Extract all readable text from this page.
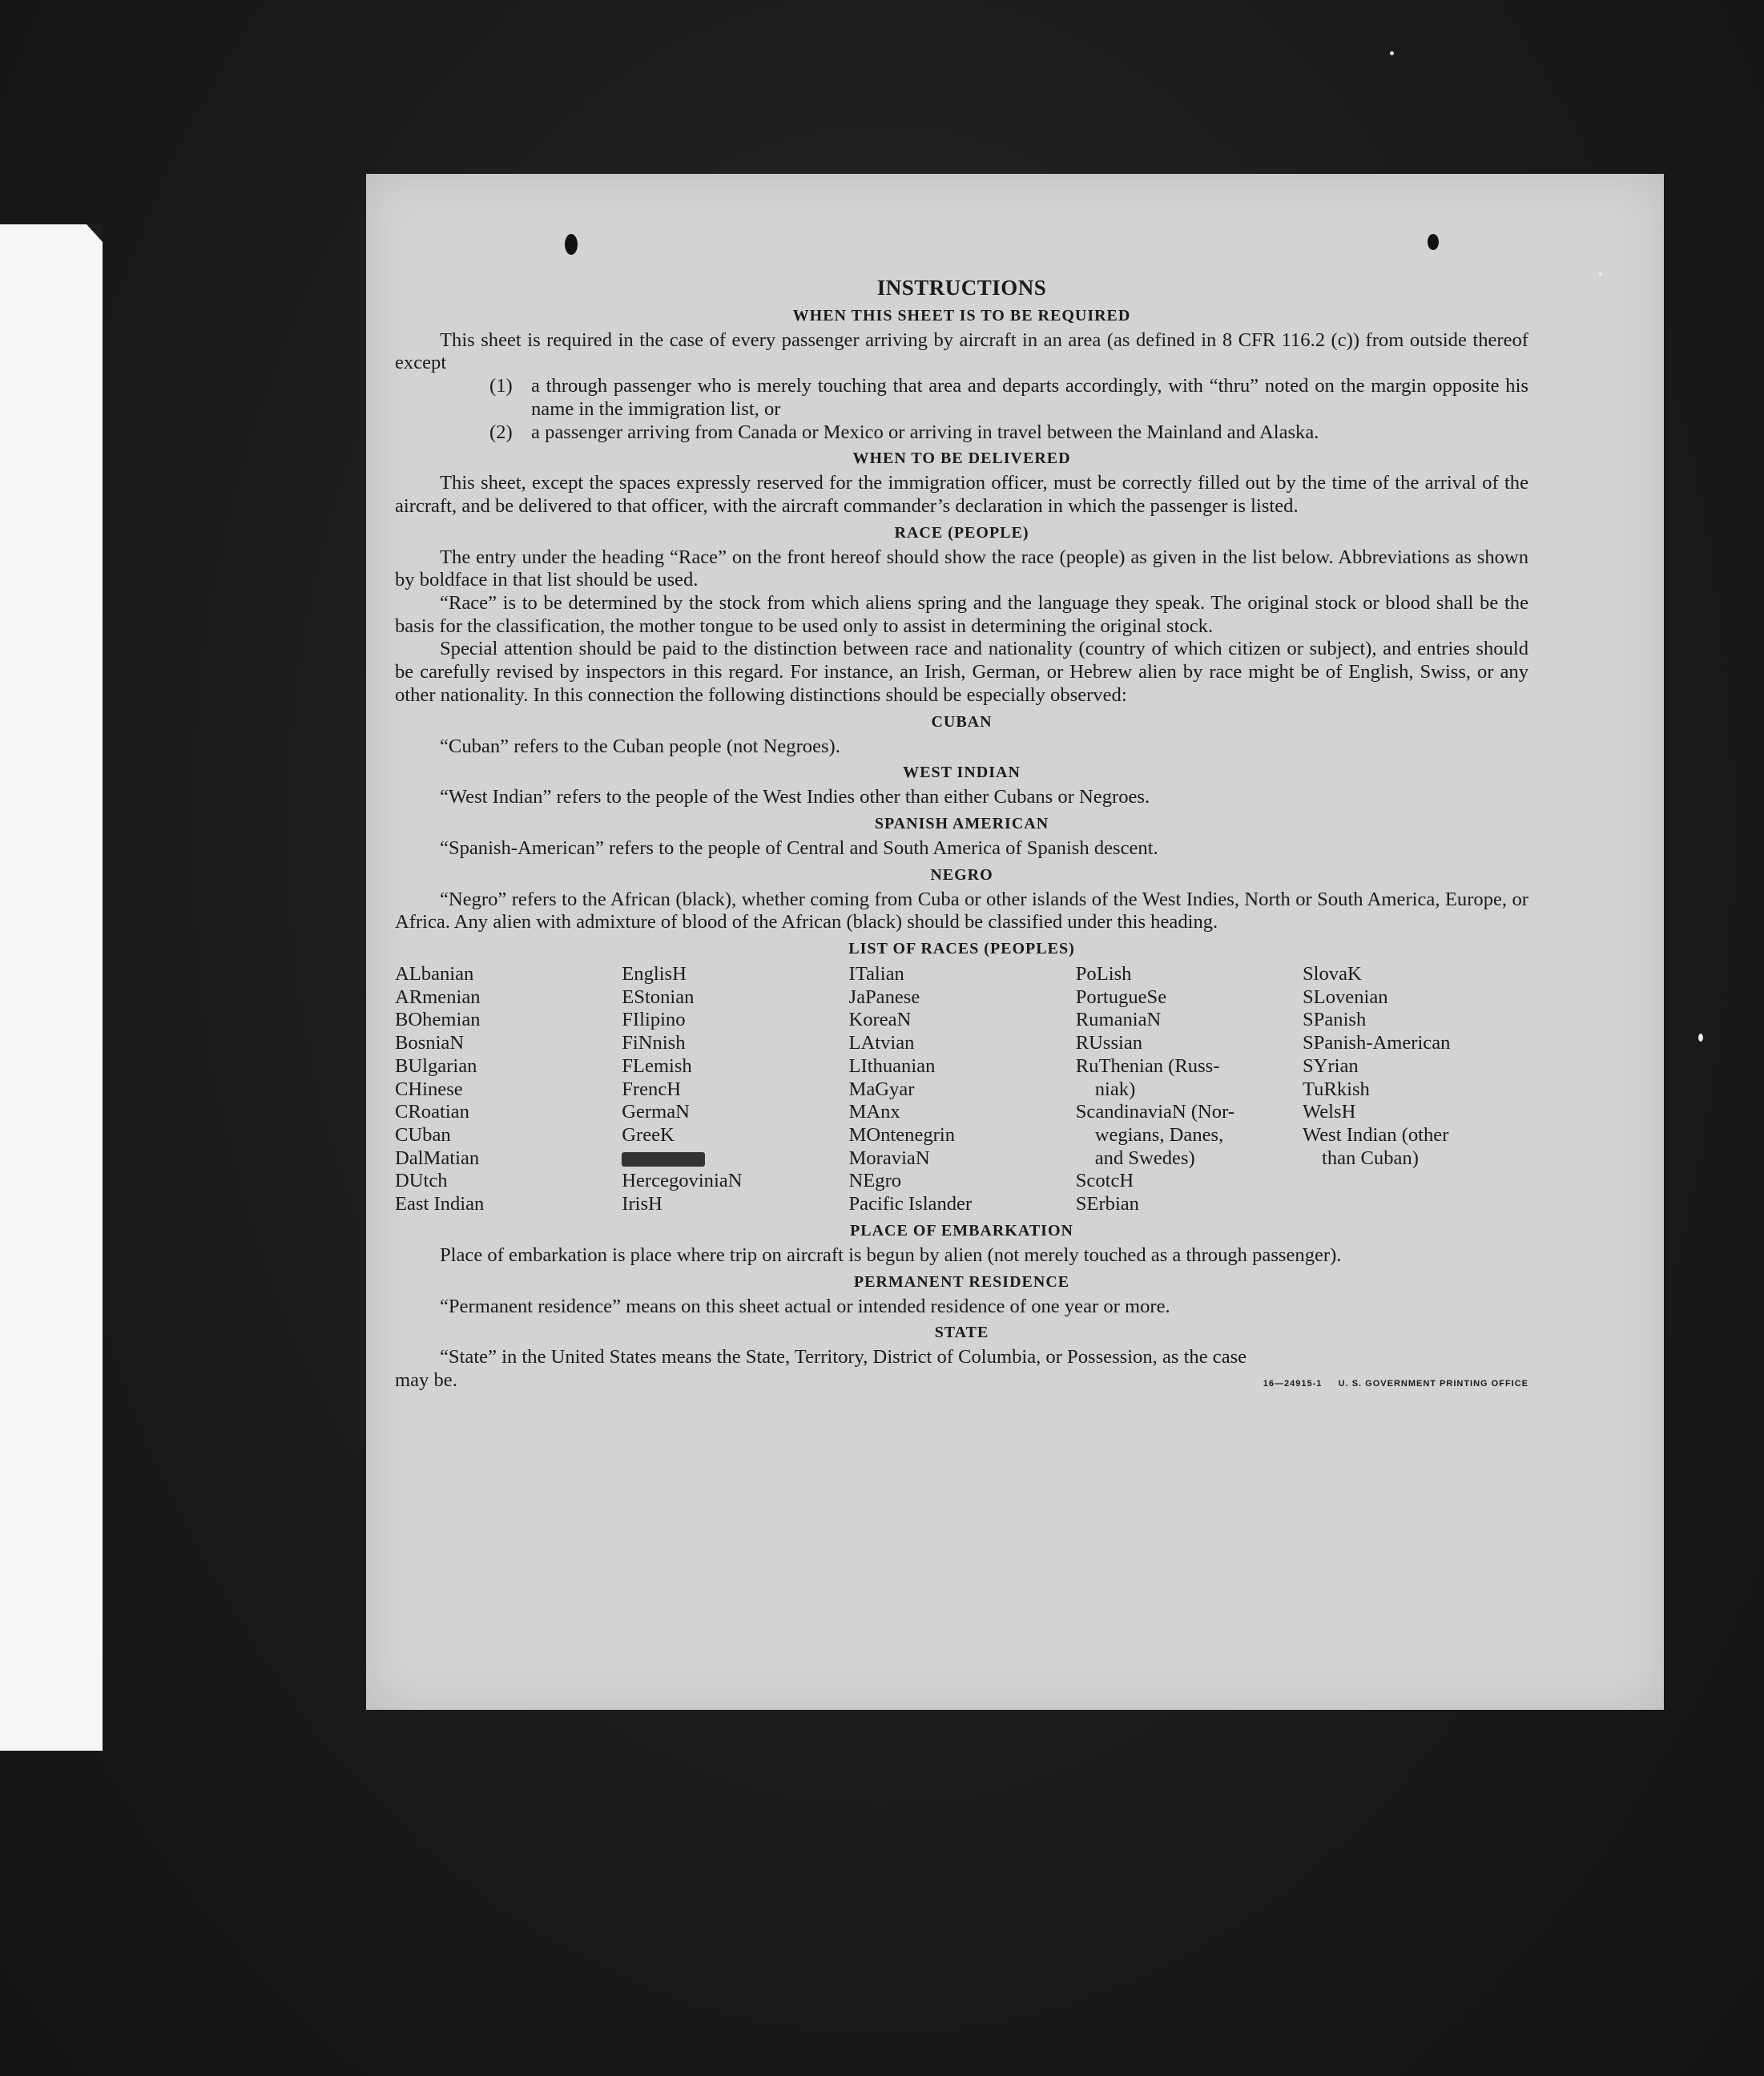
INSTRUCTIONS
WHEN THIS SHEET IS TO BE REQUIRED

This sheet is required in the case of every passenger arriving by aircraft in an area (as defined in 8 CFR 116.2 (c)) from outside thereof except

(1) a through passenger who is merely touching that area and departs accordingly, with “thru” noted on the margin opposite his name in the immigration list, or
(2) a passenger arriving from Canada or Mexico or arriving in travel between the Mainland and Alaska.
WHEN TO BE DELIVERED

This sheet, except the spaces expressly reserved for the immigration officer, must be correctly filled out by the time of the arrival of the aircraft, and be delivered to that officer, with the aircraft commander’s declaration in which the passenger is listed.

RACE (PEOPLE)

The entry under the heading “Race” on the front hereof should show the race (people) as given in the list below. Abbreviations as shown by boldface in that list should be used.

“Race” is to be determined by the stock from which aliens spring and the language they speak. The original stock or blood shall be the basis for the classification, the mother tongue to be used only to assist in determining the original stock.

Special attention should be paid to the distinction between race and nationality (country of which citizen or subject), and entries should be carefully revised by inspectors in this regard. For instance, an Irish, German, or Hebrew alien by race might be of English, Swiss, or any other nationality. In this connection the following distinctions should be especially observed:

CUBAN

“Cuban” refers to the Cuban people (not Negroes).

WEST INDIAN

“West Indian” refers to the people of the West Indies other than either Cubans or Negroes.

SPANISH AMERICAN

“Spanish-American” refers to the people of Central and South America of Spanish descent.

NEGRO

“Negro” refers to the African (black), whether coming from Cuba or other islands of the West Indies, North or South America, Europe, or Africa. Any alien with admixture of blood of the African (black) should be classified under this heading.

LIST OF RACES (PEOPLES)

ALbanian

ARmenian

BOhemian

BosniaN

BUlgarian

CHinese

CRoatian

CUban

DalMatian

DUtch

East Indian

EnglisH

EStonian

FIlipino

FiNnish

FLemish

FrencH

GermaN

GreeK

HercegoviniaN

IrisH

ITalian

JaPanese

KoreaN

LAtvian

LIthuanian

MaGyar

MAnx

MOntenegrin

MoraviaN

NEgro

Pacific Islander

PoLish

PortugueSe

RumaniaN

RUssian

RuThenian (Russ-

niak)

ScandinaviaN (Nor-

wegians, Danes,

and Swedes)

ScotcH

SErbian

SlovaK

SLovenian

SPanish

SPanish-American

SYrian

TuRkish

WelsH

West Indian (other

than Cuban)

PLACE OF EMBARKATION

Place of embarkation is place where trip on aircraft is begun by alien (not merely touched as a through passenger).

PERMANENT RESIDENCE

“Permanent residence” means on this sheet actual or intended residence of one year or more.

STATE

“State” in the United States means the State, Territory, District of Columbia, or Possession, as the case

may be.	16—24915-1 U. S. GOVERNMENT PRINTING OFFICE
